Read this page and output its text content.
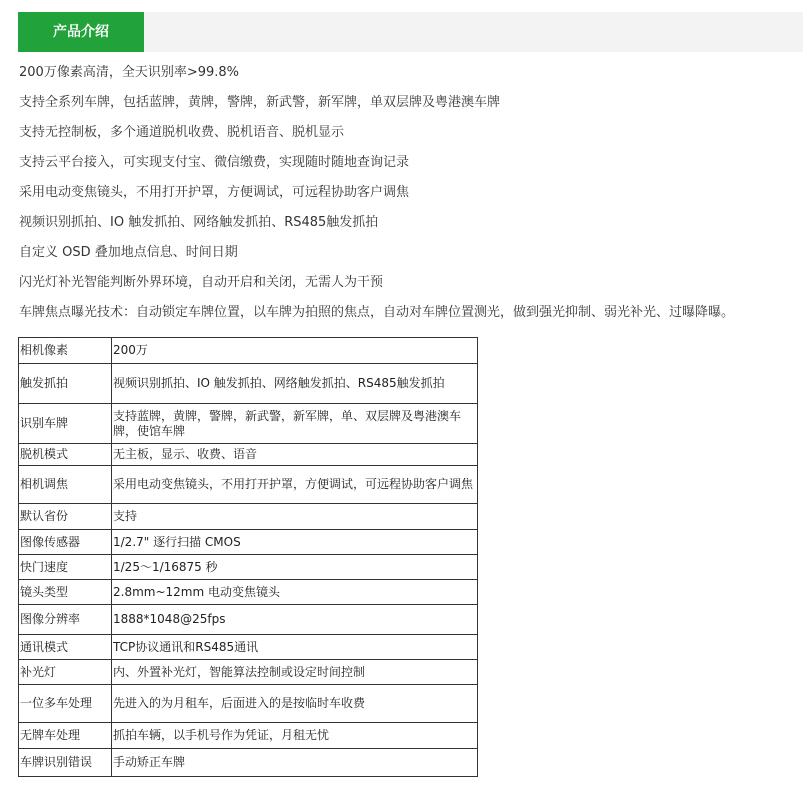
产品介绍
200万像素高清，全天识别率>99.8%
支持全系列车牌，包括蓝牌，黄牌，警牌，新武警，新军牌，单双层牌及粤港澳车牌
支持无控制板，多个通道脱机收费、脱机语音、脱机显示
支持云平台接入，可实现支付宝、微信缴费，实现随时随地查询记录
采用电动变焦镜头，不用打开护罩，方便调试，可远程协助客户调焦
视频识别抓拍、IO 触发抓拍、网络触发抓拍、RS485触发抓拍
自定义 OSD 叠加地点信息、时间日期
闪光灯补光智能判断外界环境，自动开启和关闭，无需人为干预
车牌焦点曝光技术：自动锁定车牌位置，以车牌为拍照的焦点，自动对车牌位置测光，做到强光抑制、弱光补光、过曝降曝。
相机像素	200万
触发抓拍	视频识别抓拍、IO 触发抓拍、网络触发抓拍、RS485触发抓拍
识别车牌	支持蓝牌，黄牌，警牌，新武警，新军牌，单、双层牌及粤港澳车牌，使馆车牌
脱机模式	无主板，显示、收费、语音
相机调焦	采用电动变焦镜头，不用打开护罩，方便调试，可远程协助客户调焦
默认省份	支持
图像传感器	1/2.7" 逐行扫描 CMOS
快门速度	1/25～1/16875 秒
镜头类型	2.8mm~12mm 电动变焦镜头
图像分辨率	1888*1048@25fps
通讯模式	TCP协议通讯和RS485通讯
补光灯	内、外置补光灯，智能算法控制或设定时间控制
一位多车处理	先进入的为月租车，后面进入的是按临时车收费
无牌车处理	抓拍车辆，以手机号作为凭证，月租无忧
车牌识别错误	手动矫正车牌
